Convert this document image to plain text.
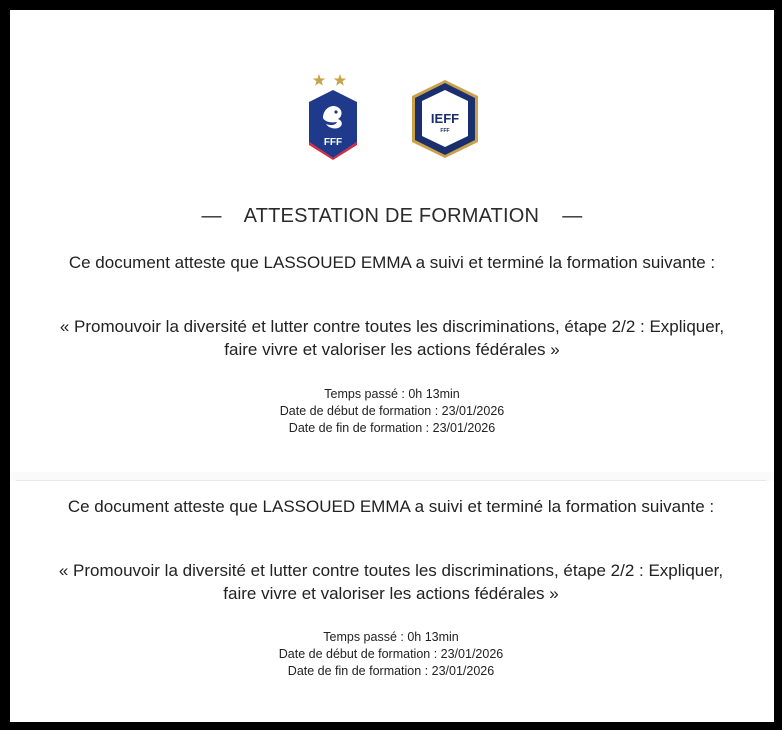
FFF
IEFF
FFF
— ATTESTATION DE FORMATION —

Ce document atteste que LASSOUED EMMA a suivi et terminé la formation suivante :

« Promouvoir la diversité et lutter contre toutes les discriminations, étape 2/2 : Expliquer, faire vivre et valoriser les actions fédérales »

Temps passé : 0h 13min
Date de début de formation : 23/01/2026
Date de fin de formation : 23/01/2026

Ce document atteste que LASSOUED EMMA a suivi et terminé la formation suivante :

« Promouvoir la diversité et lutter contre toutes les discriminations, étape 2/2 : Expliquer, faire vivre et valoriser les actions fédérales »

Temps passé : 0h 13min
Date de début de formation : 23/01/2026
Date de fin de formation : 23/01/2026
